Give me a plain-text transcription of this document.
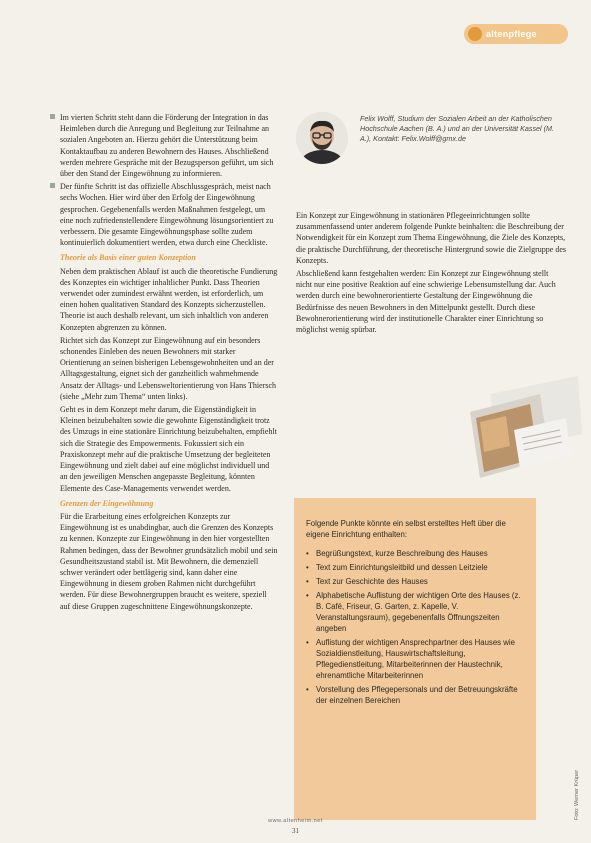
altenpflege

Im vierten Schritt steht dann die Förderung der Integration in das Heimleben durch die Anregung und Begleitung zur Teilnahme an sozialen Angeboten an. Hierzu gehört die Unterstützung beim Kontaktaufbau zu anderen Bewohnern des Hauses. Abschließend werden mehrere Gespräche mit der Bezugsperson geführt, um sich über den Stand der Eingewöhnung zu informieren.

Der fünfte Schritt ist das offizielle Abschlussgespräch, meist nach sechs Wochen. Hier wird über den Erfolg der Eingewöhnung gesprochen. Gegebenenfalls werden Maßnahmen festgelegt, um eine noch zufriedenstellendere Eingewöhnung lösungsorientiert zu verbessern. Die gesamte Eingewöhnungsphase sollte zudem kontinuierlich dokumentiert werden, etwa durch eine Checkliste.

Theorie als Basis einer guten Konzeption

Neben dem praktischen Ablauf ist auch die theoretische Fundierung des Konzeptes ein wichtiger inhaltlicher Punkt. Dass Theorien verwendet oder zumindest erwähnt werden, ist erforderlich, um einen hohen qualitativen Standard des Konzepts sicherzustellen. Theorie ist auch deshalb relevant, um sich inhaltlich von anderen Konzepten abgrenzen zu können.

Richtet sich das Konzept zur Eingewöhnung auf ein besonders schonendes Einleben des neuen Bewohners mit starker Orientierung an seinen bisherigen Lebensgewohnheiten und an der Alltagsgestaltung, eignet sich der ganzheitlich wahrnehmende Ansatz der Alltags- und Lebensweltorientierung von Hans Thiersch (siehe „Mehr zum Thema“ unten links).

Geht es in dem Konzept mehr darum, die Eigenständigkeit in Kleinen beizubehalten sowie die gewohnte Eigenständigkeit trotz des Umzugs in eine stationäre Einrichtung beizubehalten, empfiehlt sich die Strategie des Empowerments. Fokussiert sich ein Praxiskonzept mehr auf die praktische Umsetzung der begleiteten Eingewöhnung und zielt dabei auf eine möglichst individuell und an den jeweiligen Menschen angepasste Begleitung, könnten Elemente des Case-Managements verwendet werden.

Grenzen der Eingewöhnung

Für die Erarbeitung eines erfolgreichen Konzepts zur Eingewöhnung ist es unabdingbar, auch die Grenzen des Konzepts zu kennen. Konzepte zur Eingewöhnung in den hier vorgestellten Rahmen bedingen, dass der Bewohner grundsätzlich mobil und sein Gesundheitszustand stabil ist. Mit Bewohnern, die demenziell schwer verändert oder bettlägerig sind, kann daher eine Eingewöhnung in diesem groben Rahmen nicht durchgeführt werden. Für diese Bewohnergruppen braucht es weitere, speziell auf diese Gruppen zugeschnittene Eingewöhnungskonzepte.

Felix Wolff, Studium der Sozialen Arbeit an der Katholischen Hochschule Aachen (B. A.) und an der Universität Kassel (M. A.), Kontakt: Felix.Wolff@gmx.de

Ein Konzept zur Eingewöhnung in stationären Pflegeeinrichtungen sollte zusammenfassend unter anderem folgende Punkte beinhalten: die Beschreibung der Notwendigkeit für ein Konzept zum Thema Eingewöhnung, die Ziele des Konzepts, die praktische Durchführung, der theoretische Hintergrund sowie die Zielgruppe des Konzepts.

Abschließend kann festgehalten werden: Ein Konzept zur Eingewöhnung stellt nicht nur eine positive Reaktion auf eine schwierige Lebensumstellung dar. Auch werden durch eine bewohnerorientierte Gestaltung der Eingewöhnung die Bedürfnisse des neuen Bewohners in den Mittelpunkt gestellt. Durch diese Bewohnerorientierung wird der institutionelle Charakter einer Einrichtung so möglichst wenig spürbar.

Folgende Punkte könnte ein selbst erstelltes Heft über die eigene Einrichtung enthalten:
• Begrüßungstext, kurze Beschreibung des Hauses
• Text zum Einrichtungsleitbild und dessen Leitziele
• Text zur Geschichte des Hauses
• Alphabetische Auflistung der wichtigen Orte des Hauses (z. B. Café, Friseur, G. Garten, z. Kapelle, V. Veranstaltungsraum), gegebenenfalls Öffnungszeiten angeben
• Auflistung der wichtigen Ansprechpartner des Hauses wie Sozialdienstleitung, Hauswirtschaftsleitung, Pflegedienstleitung, Mitarbeiterinnen der Haustechnik, ehrenamtliche Mitarbeiterinnen
• Vorstellung des Pflegepersonals und der Betreuungskräfte der einzelnen Bereichen
Foto: Werner Krüper
www.altenheim.net
31
